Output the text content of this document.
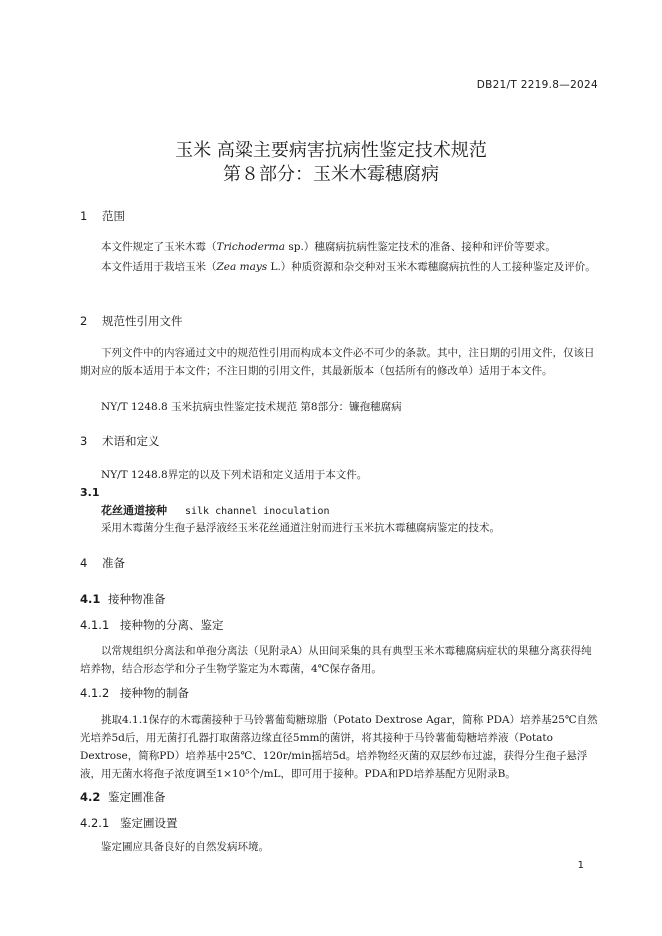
DB21/T 2219.8—2024
玉米 高粱主要病害抗病性鉴定技术规范
第８部分：玉米木霉穗腐病
1 范围
本文件规定了玉米木霉（Trichoderma sp.）穗腐病抗病性鉴定技术的准备、接种和评价等要求。
本文件适用于栽培玉米（Zea mays L.）种质资源和杂交种对玉米木霉穗腐病抗性的人工接种鉴定及评价。
2 规范性引用文件
下列文件中的内容通过文中的规范性引用而构成本文件必不可少的条款。其中，注日期的引用文件，仅该日期对应的版本适用于本文件；不注日期的引用文件，其最新版本（包括所有的修改单）适用于本文件。
NY/T 1248.8 玉米抗病虫性鉴定技术规范 第8部分：镰孢穗腐病
3 术语和定义
NY/T 1248.8界定的以及下列术语和定义适用于本文件。
3.1
花丝通道接种 silk channel inoculation
采用木霉菌分生孢子悬浮液经玉米花丝通道注射而进行玉米抗木霉穗腐病鉴定的技术。
4 准备
4.1 接种物准备
4.1.1 接种物的分离、鉴定
以常规组织分离法和单孢分离法（见附录A）从田间采集的具有典型玉米木霉穗腐病症状的果穗分离获得纯培养物，结合形态学和分子生物学鉴定为木霉菌，4℃保存备用。
4.1.2 接种物的制备
挑取4.1.1保存的木霉菌接种于马铃薯葡萄糖琼脂（Potato Dextrose Agar，简称 PDA）培养基25℃自然光培养5d后，用无菌打孔器打取菌落边缘直径5mm的菌饼，将其接种于马铃薯葡萄糖培养液（Potato Dextrose，简称PD）培养基中25℃、120r/min摇培5d。培养物经灭菌的双层纱布过滤，获得分生孢子悬浮液，用无菌水将孢子浓度调至1×10⁵个/mL，即可用于接种。PDA和PD培养基配方见附录B。
4.2 鉴定圃准备
4.2.1 鉴定圃设置
鉴定圃应具备良好的自然发病环境。
1
